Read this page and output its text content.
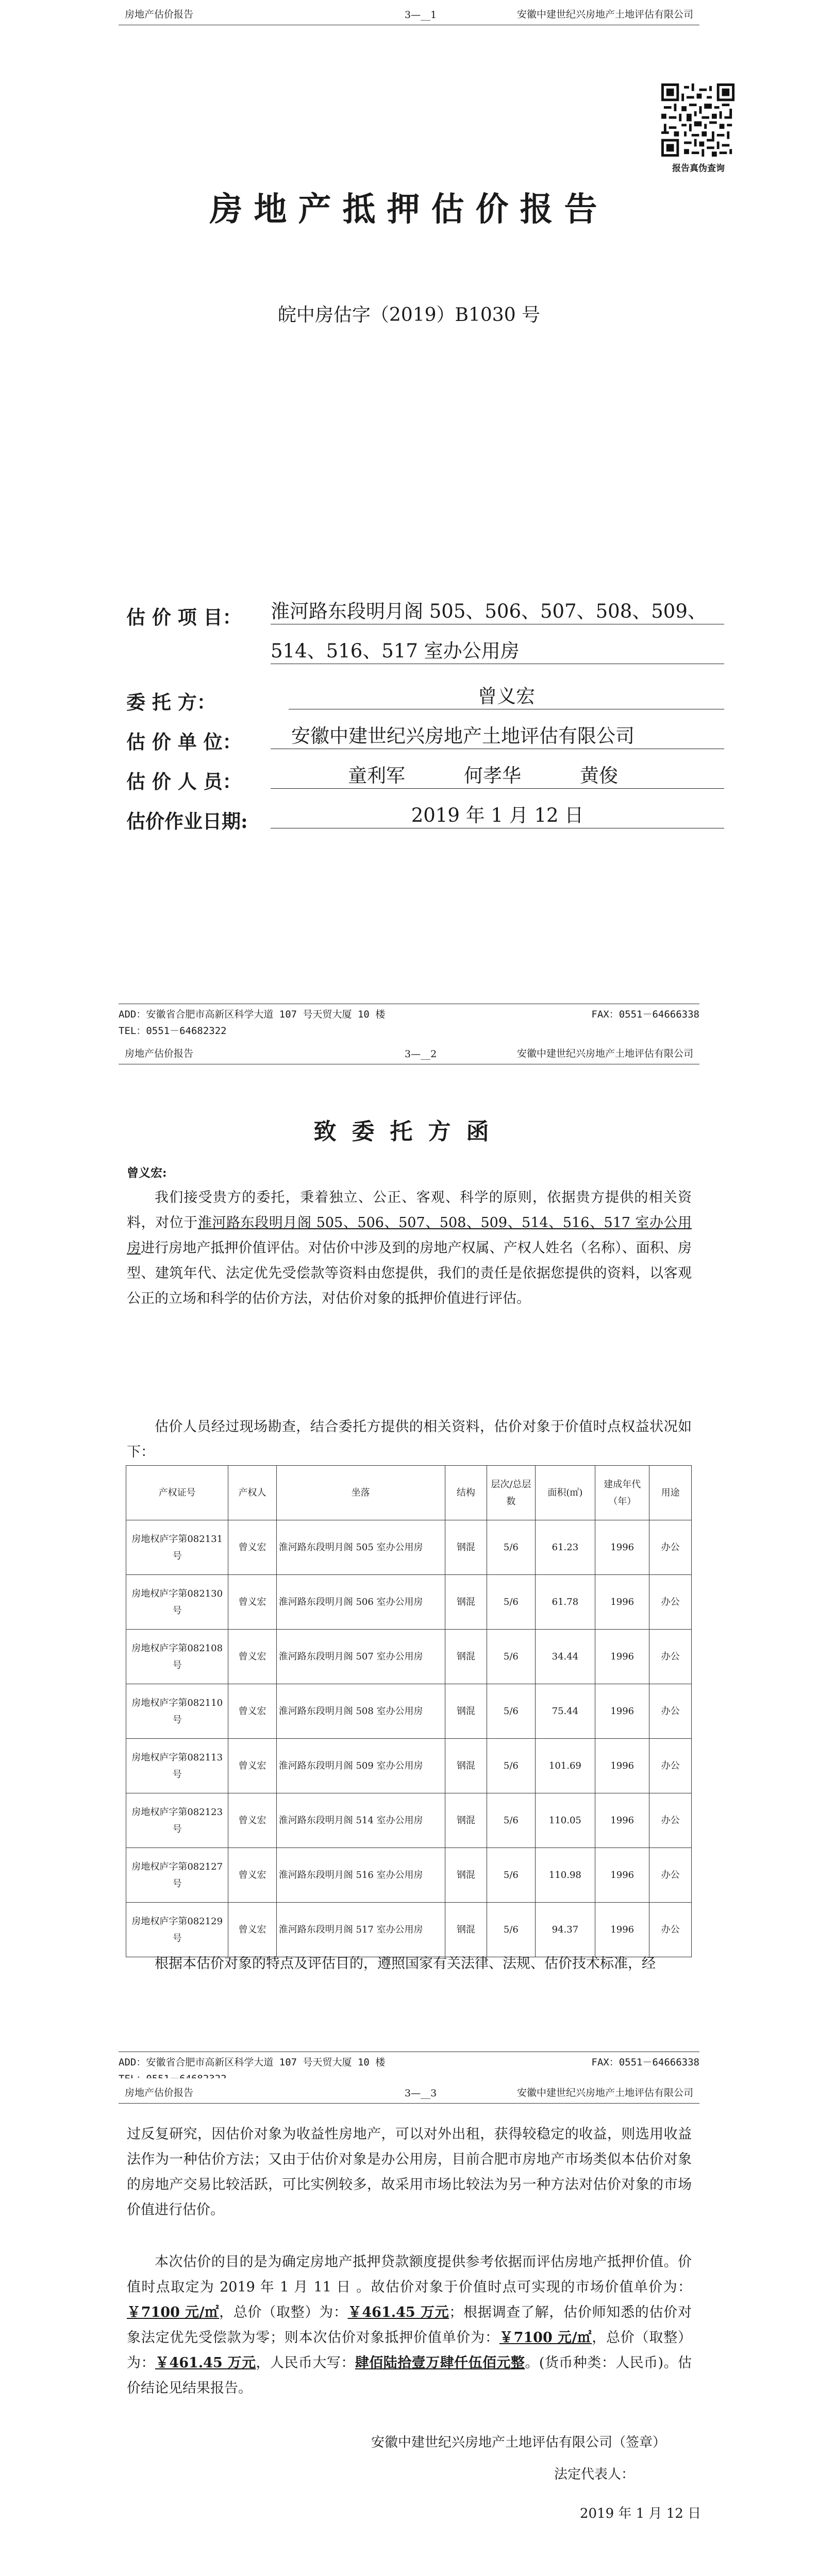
房地产估价报告	3—__1	安徽中建世纪兴房地产土地评估有限公司
报告真伪查询
房地产抵押估价报告
皖中房估字（2019）B1030 号
估 价 项 目： 淮河路东段明月阁 505、506、507、508、509、
514、516、517 室办公用房
委 托 方：	曾义宏
估 价 单 位：	安徽中建世纪兴房地产土地评估有限公司
估 价 人 员：	童利军	何孝华	黄俊

估价作业日期:	2019 年 1 月 12 日
ADD：安徽省合肥市高新区科学大道 107 号天贸大厦 10 楼	FAX：0551－64666338
TEL：0551－64682322
房地产估价报告	3—__2	安徽中建世纪兴房地产土地评估有限公司
致委托方函
曾义宏:
我们接受贵方的委托，秉着独立、公正、客观、科学的原则，依据贵方提供的相关资料，对位于淮河路东段明月阁 505、506、507、508、509、514、516、517 室办公用房进行房地产抵押价值评估。对估价中涉及到的房地产权属、产权人姓名（名称）、面积、房型、建筑年代、法定优先受偿款等资料由您提供，我们的责任是依据您提供的资料，以客观公正的立场和科学的估价方法，对估价对象的抵押价值进行评估。
估价人员经过现场勘查，结合委托方提供的相关资料，估价对象于价值时点权益状况如下：
产权证号	产权人	坐落	结构	层次/总层数	面积(㎡)	建成年代（年）	用途
房地权庐字第082131 号	曾义宏	淮河路东段明月阁 505 室办公用房	钢混	5/6	61.23	1996	办公
房地权庐字第082130 号	曾义宏	淮河路东段明月阁 506 室办公用房	钢混	5/6	61.78	1996	办公
房地权庐字第082108 号	曾义宏	淮河路东段明月阁 507 室办公用房	钢混	5/6	34.44	1996	办公
房地权庐字第082110 号	曾义宏	淮河路东段明月阁 508 室办公用房	钢混	5/6	75.44	1996	办公
房地权庐字第082113 号	曾义宏	淮河路东段明月阁 509 室办公用房	钢混	5/6	101.69	1996	办公
房地权庐字第082123 号	曾义宏	淮河路东段明月阁 514 室办公用房	钢混	5/6	110.05	1996	办公
房地权庐字第082127 号	曾义宏	淮河路东段明月阁 516 室办公用房	钢混	5/6	110.98	1996	办公
房地权庐字第082129 号	曾义宏	淮河路东段明月阁 517 室办公用房	钢混	5/6	94.37	1996	办公
根据本估价对象的特点及评估目的，遵照国家有关法律、法规、估价技术标准，经
ADD：安徽省合肥市高新区科学大道 107 号天贸大厦 10 楼	FAX：0551－64666338
房地产估价报告	3—__3	安徽中建世纪兴房地产土地评估有限公司
过反复研究，因估价对象为收益性房地产，可以对外出租，获得较稳定的收益，则选用收益法作为一种估价方法；又由于估价对象是办公用房，目前合肥市房地产市场类似本估价对象的房地产交易比较活跃，可比实例较多，故采用市场比较法为另一种方法对估价对象的市场价值进行估价。
本次估价的目的是为确定房地产抵押贷款额度提供参考依据而评估房地产抵押价值。价值时点取定为 2019 年 1 月 11 日 。故估价对象于价值时点可实现的市场价值单价为：￥7100 元/㎡，总价（取整）为：￥461.45 万元；根据调查了解，估价师知悉的估价对象法定优先受偿款为零；则本次估价对象抵押价值单价为：￥7100 元/㎡，总价（取整）为：￥461.45 万元，人民币大写：肆佰陆拾壹万肆仟伍佰元整。(货币种类：人民币)。估价结论见结果报告。
安徽中建世纪兴房地产土地评估有限公司（签章）
法定代表人：
2019 年 1 月 12 日
